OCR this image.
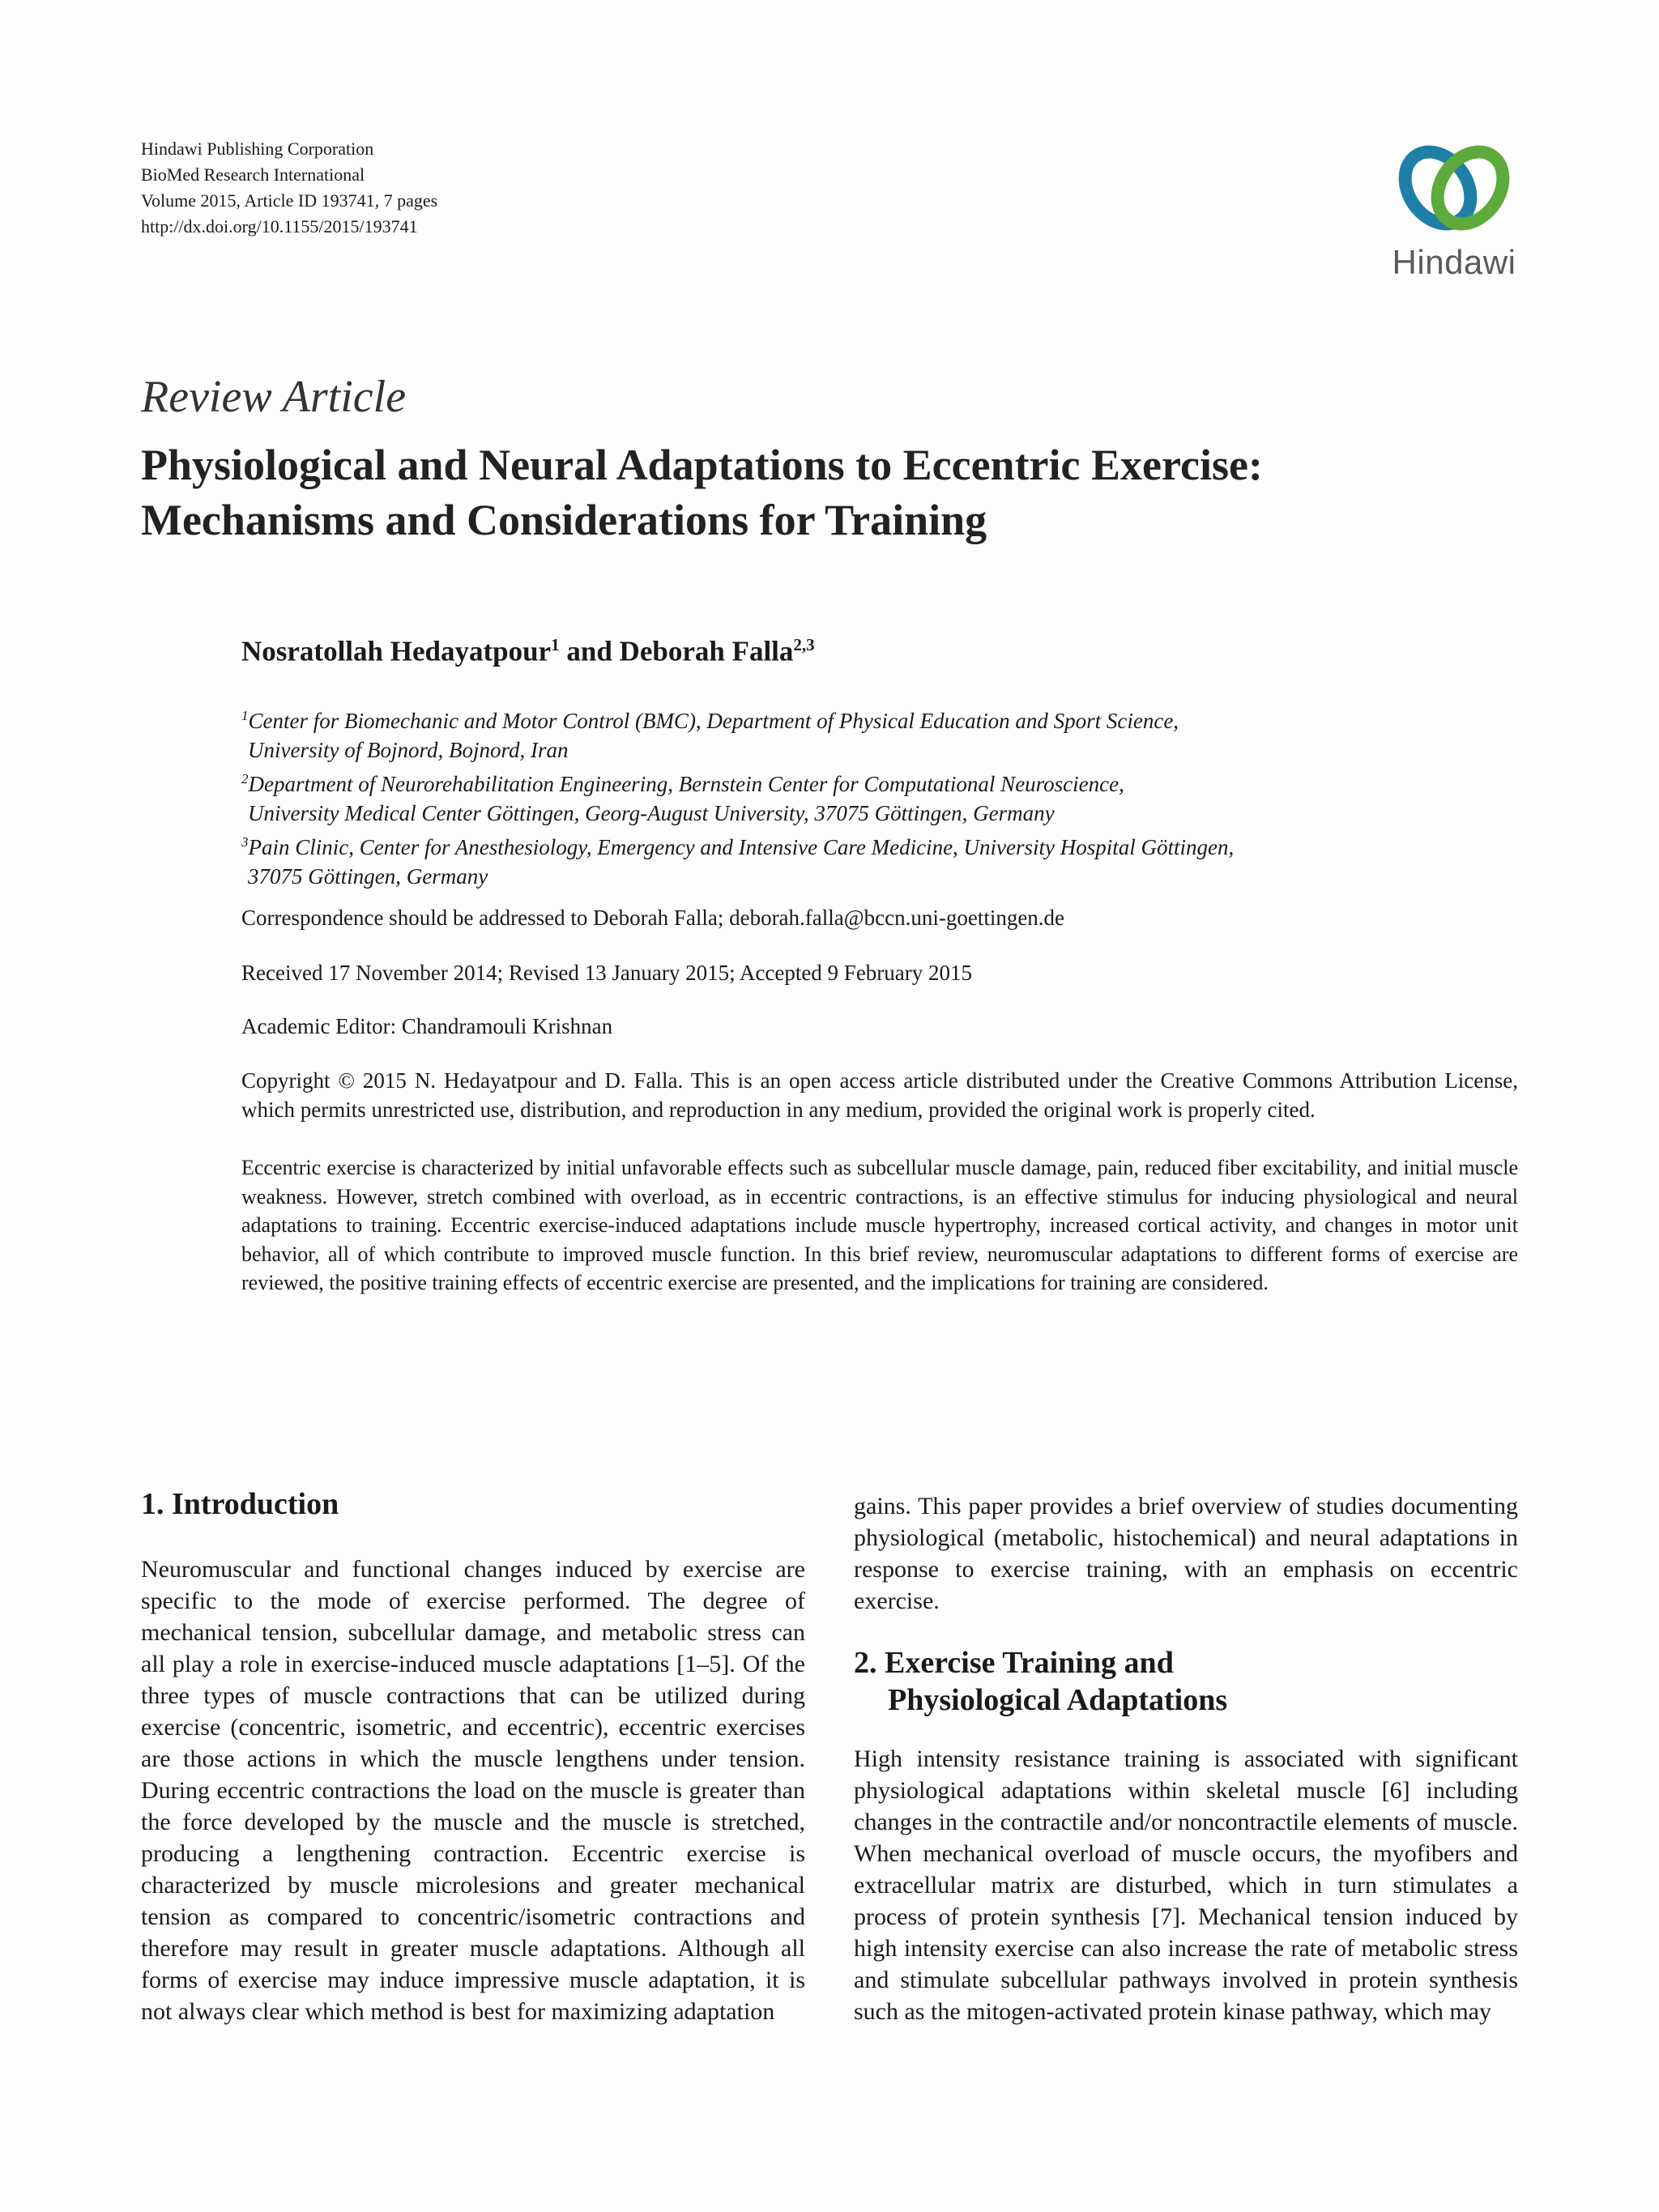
Hindawi Publishing Corporation
BioMed Research International
Volume 2015, Article ID 193741, 7 pages
http://dx.doi.org/10.1155/2015/193741
Hindawi
Review Article
Physiological and Neural Adaptations to Eccentric Exercise:
Mechanisms and Considerations for Training
Nosratollah Hedayatpour$^1$ and Deborah Falla$^{2,3}$
$^1$Center for Biomechanic and Motor Control (BMC), Department of Physical Education and Sport Science,
University of Bojnord, Bojnord, Iran
$^2$Department of Neurorehabilitation Engineering, Bernstein Center for Computational Neuroscience,
University Medical Center Göttingen, Georg-August University, 37075 Göttingen, Germany
$^3$Pain Clinic, Center for Anesthesiology, Emergency and Intensive Care Medicine, University Hospital Göttingen,
37075 Göttingen, Germany
Correspondence should be addressed to Deborah Falla; deborah.falla@bccn.uni-goettingen.de
Received 17 November 2014; Revised 13 January 2015; Accepted 9 February 2015
Academic Editor: Chandramouli Krishnan
Copyright © 2015 N. Hedayatpour and D. Falla. This is an open access article distributed under the Creative Commons Attribution License, which permits unrestricted use, distribution, and reproduction in any medium, provided the original work is properly cited.
Eccentric exercise is characterized by initial unfavorable effects such as subcellular muscle damage, pain, reduced fiber excitability, and initial muscle weakness. However, stretch combined with overload, as in eccentric contractions, is an effective stimulus for inducing physiological and neural adaptations to training. Eccentric exercise-induced adaptations include muscle hypertrophy, increased cortical activity, and changes in motor unit behavior, all of which contribute to improved muscle function. In this brief review, neuromuscular adaptations to different forms of exercise are reviewed, the positive training effects of eccentric exercise are presented, and the implications for training are considered.
1. Introduction
Neuromuscular and functional changes induced by exercise are specific to the mode of exercise performed. The degree of mechanical tension, subcellular damage, and metabolic stress can all play a role in exercise-induced muscle adaptations [1–5]. Of the three types of muscle contractions that can be utilized during exercise (concentric, isometric, and eccentric), eccentric exercises are those actions in which the muscle lengthens under tension. During eccentric contractions the load on the muscle is greater than the force developed by the muscle and the muscle is stretched, producing a lengthening contraction. Eccentric exercise is characterized by muscle microlesions and greater mechanical tension as compared to concentric/isometric contractions and therefore may result in greater muscle adaptations. Although all forms of exercise may induce impressive muscle adaptation, it is not always clear which method is best for maximizing adaptation
gains. This paper provides a brief overview of studies documenting physiological (metabolic, histochemical) and neural adaptations in response to exercise training, with an emphasis on eccentric exercise.
2. Exercise Training and
Physiological Adaptations
High intensity resistance training is associated with significant physiological adaptations within skeletal muscle [6] including changes in the contractile and/or noncontractile elements of muscle. When mechanical overload of muscle occurs, the myofibers and extracellular matrix are disturbed, which in turn stimulates a process of protein synthesis [7]. Mechanical tension induced by high intensity exercise can also increase the rate of metabolic stress and stimulate subcellular pathways involved in protein synthesis such as the mitogen-activated protein kinase pathway, which may
